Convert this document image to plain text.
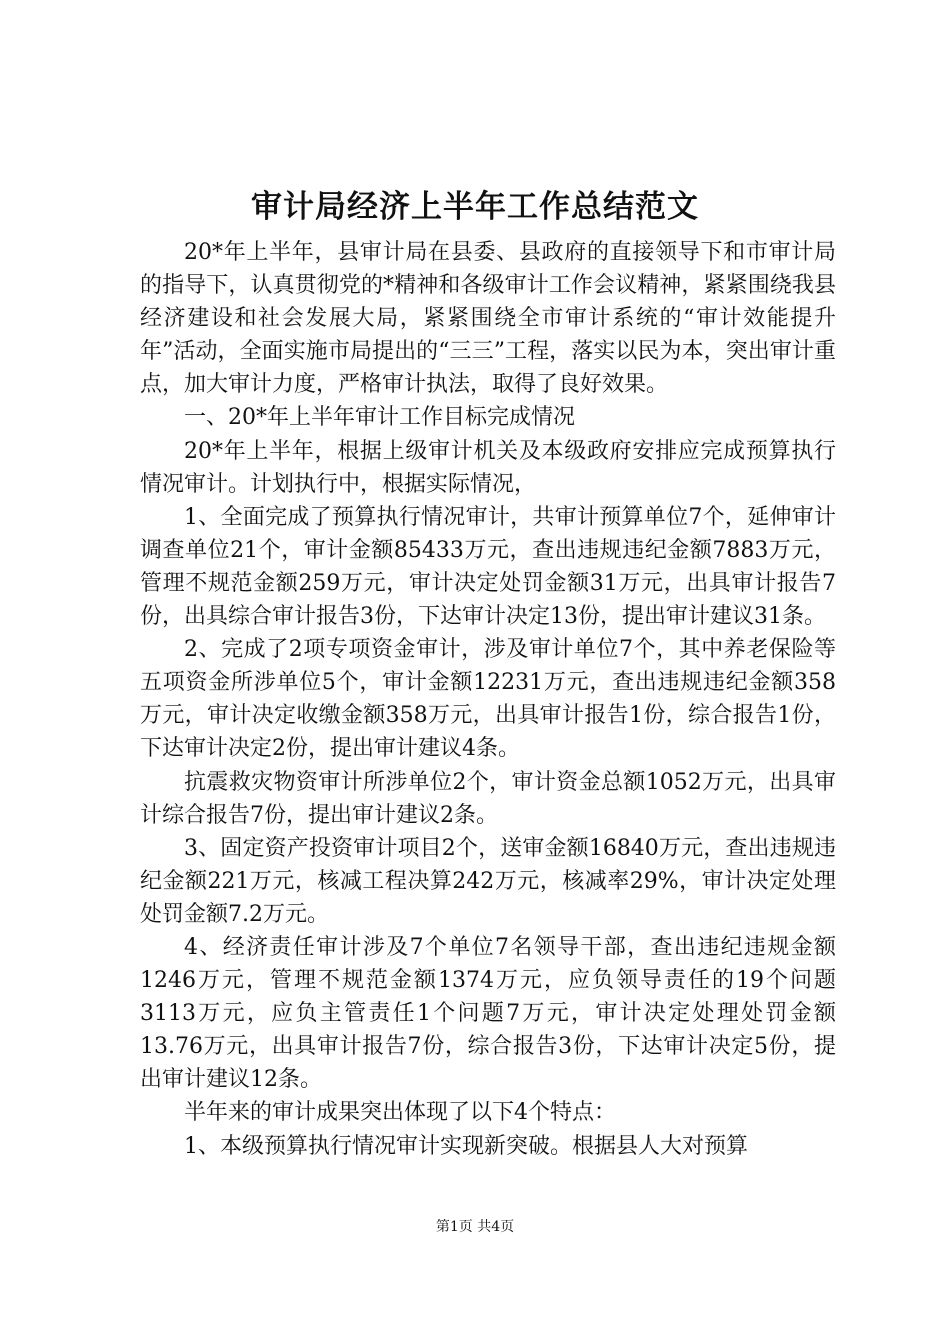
审计局经济上半年工作总结范文

20*年上半年，县审计局在县委、县政府的直接领导下和市审计局的指导下，认真贯彻党的*精神和各级审计工作会议精神，紧紧围绕我县经济建设和社会发展大局，紧紧围绕全市审计系统的“审计效能提升年”活动，全面实施市局提出的“三三”工程，落实以民为本，突出审计重点，加大审计力度，严格审计执法，取得了良好效果。

一、20*年上半年审计工作目标完成情况

20*年上半年，根据上级审计机关及本级政府安排应完成预算执行情况审计。计划执行中，根据实际情况，

1、全面完成了预算执行情况审计，共审计预算单位7个，延伸审计调查单位21个，审计金额85433万元，查出违规违纪金额7883万元，管理不规范金额259万元，审计决定处罚金额31万元，出具审计报告7份，出具综合审计报告3份，下达审计决定13份，提出审计建议31条。

2、完成了2项专项资金审计，涉及审计单位7个，其中养老保险等五项资金所涉单位5个，审计金额12231万元，查出违规违纪金额358万元，审计决定收缴金额358万元，出具审计报告1份，综合报告1份，下达审计决定2份，提出审计建议4条。

抗震救灾物资审计所涉单位2个，审计资金总额1052万元，出具审计综合报告7份，提出审计建议2条。

3、固定资产投资审计项目2个，送审金额16840万元，查出违规违纪金额221万元，核减工程决算242万元，核减率29%，审计决定处理处罚金额7.2万元。

4、经济责任审计涉及7个单位7名领导干部，查出违纪违规金额1246万元，管理不规范金额1374万元，应负领导责任的19个问题3113万元，应负主管责任1个问题7万元，审计决定处理处罚金额13.76万元，出具审计报告7份，综合报告3份，下达审计决定5份，提出审计建议12条。

半年来的审计成果突出体现了以下4个特点：

1、本级预算执行情况审计实现新突破。根据县人大对预算

第1页 共4页
